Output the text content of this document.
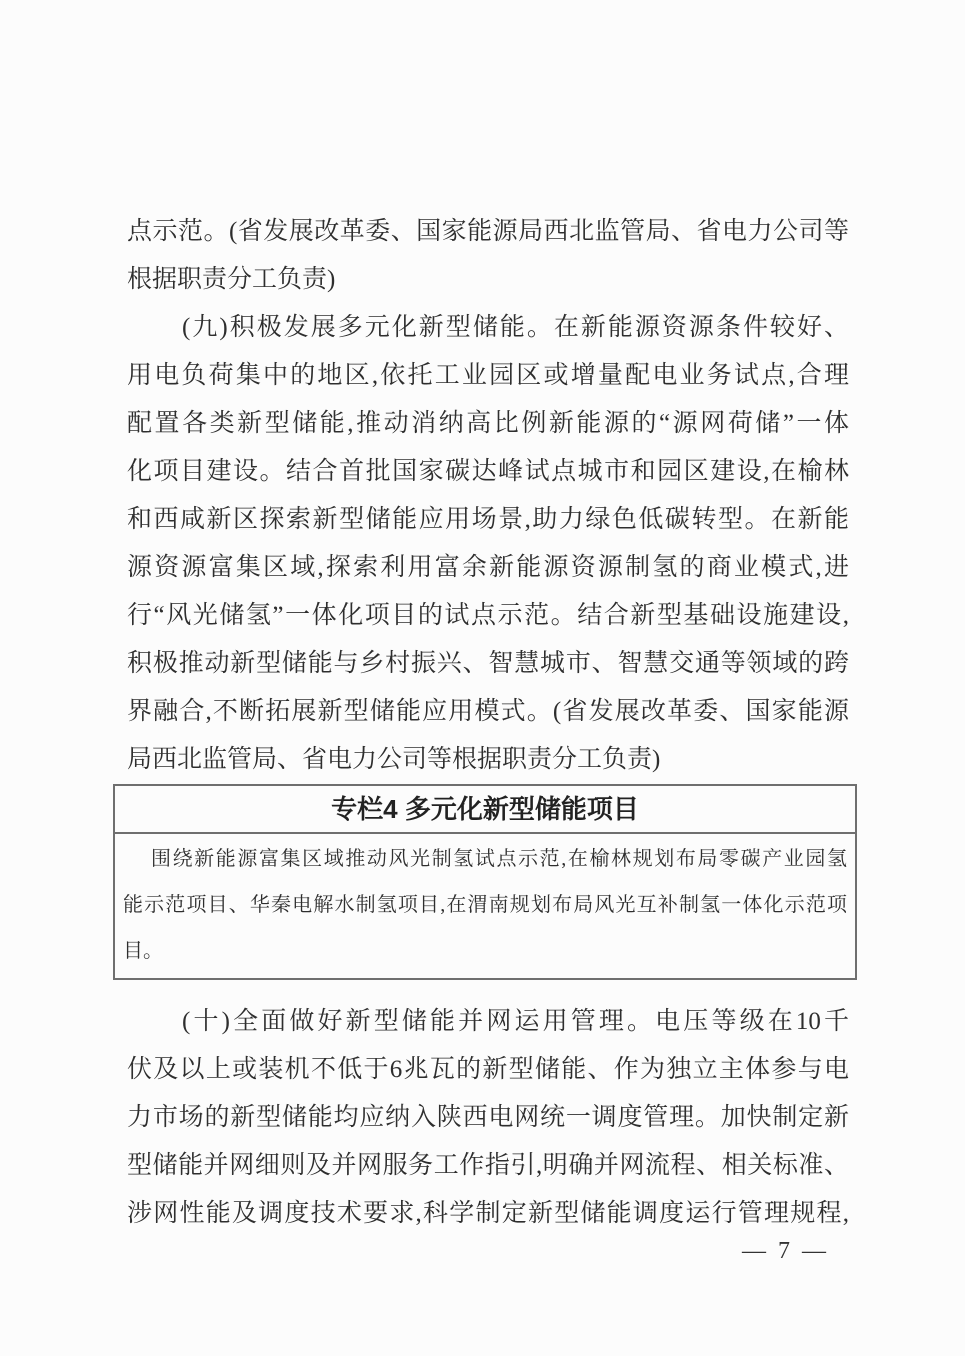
点示范。(省发展改革委、国家能源局西北监管局、省电力公司等
根据职责分工负责)

(九)积极发展多元化新型储能。在新能源资源条件较好、
用电负荷集中的地区,依托工业园区或增量配电业务试点,合理
配置各类新型储能,推动消纳高比例新能源的“源网荷储”一体
化项目建设。结合首批国家碳达峰试点城市和园区建设,在榆林
和西咸新区探索新型储能应用场景,助力绿色低碳转型。在新能
源资源富集区域,探索利用富余新能源资源制氢的商业模式,进
行“风光储氢”一体化项目的试点示范。结合新型基础设施建设,
积极推动新型储能与乡村振兴、智慧城市、智慧交通等领域的跨
界融合,不断拓展新型储能应用模式。(省发展改革委、国家能源
局西北监管局、省电力公司等根据职责分工负责)

专栏4 多元化新型储能项目
围绕新能源富集区域推动风光制氢试点示范,在榆林规划布局零碳产业园氢
能示范项目、华秦电解水制氢项目,在渭南规划布局风光互补制氢一体化示范项
目。

(十)全面做好新型储能并网运用管理。电压等级在10千
伏及以上或装机不低于6兆瓦的新型储能、作为独立主体参与电
力市场的新型储能均应纳入陕西电网统一调度管理。加快制定新
型储能并网细则及并网服务工作指引,明确并网流程、相关标准、
涉网性能及调度技术要求,科学制定新型储能调度运行管理规程,

— 7 —
